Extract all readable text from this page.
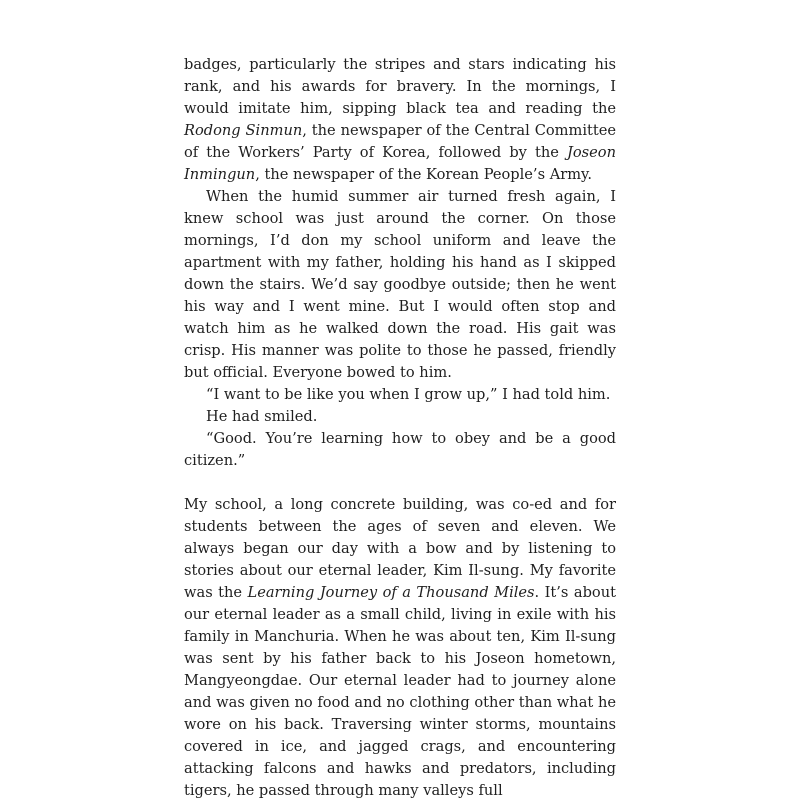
badges, particularly the stripes and stars indicating his rank, and his awards for bravery. In the mornings, I would imitate him, sipping black tea and reading the Rodong Sinmun, the newspaper of the Central Committee of the Workers’ Party of Korea, followed by the Joseon Inmingun, the newspaper of the Korean People’s Army.

When the humid summer air turned fresh again, I knew school was just around the corner. On those mornings, I’d don my school uniform and leave the apartment with my father, holding his hand as I skipped down the stairs. We’d say goodbye outside; then he went his way and I went mine. But I would often stop and watch him as he walked down the road. His gait was crisp. His manner was polite to those he passed, friendly but official. Everyone bowed to him.

“I want to be like you when I grow up,” I had told him.

He had smiled.

“Good. You’re learning how to obey and be a good citizen.”

My school, a long concrete building, was co-ed and for students between the ages of seven and eleven. We always began our day with a bow and by listening to stories about our eternal leader, Kim Il-sung. My favorite was the Learning Journey of a Thousand Miles. It’s about our eternal leader as a small child, living in exile with his family in Manchuria. When he was about ten, Kim Il-sung was sent by his father back to his Joseon hometown, Mangyeongdae. Our eternal leader had to journey alone and was given no food and no clothing other than what he wore on his back. Traversing winter storms, mountains covered in ice, and jagged crags, and encountering attacking falcons and hawks and predators, including tigers, he passed through many valleys full
